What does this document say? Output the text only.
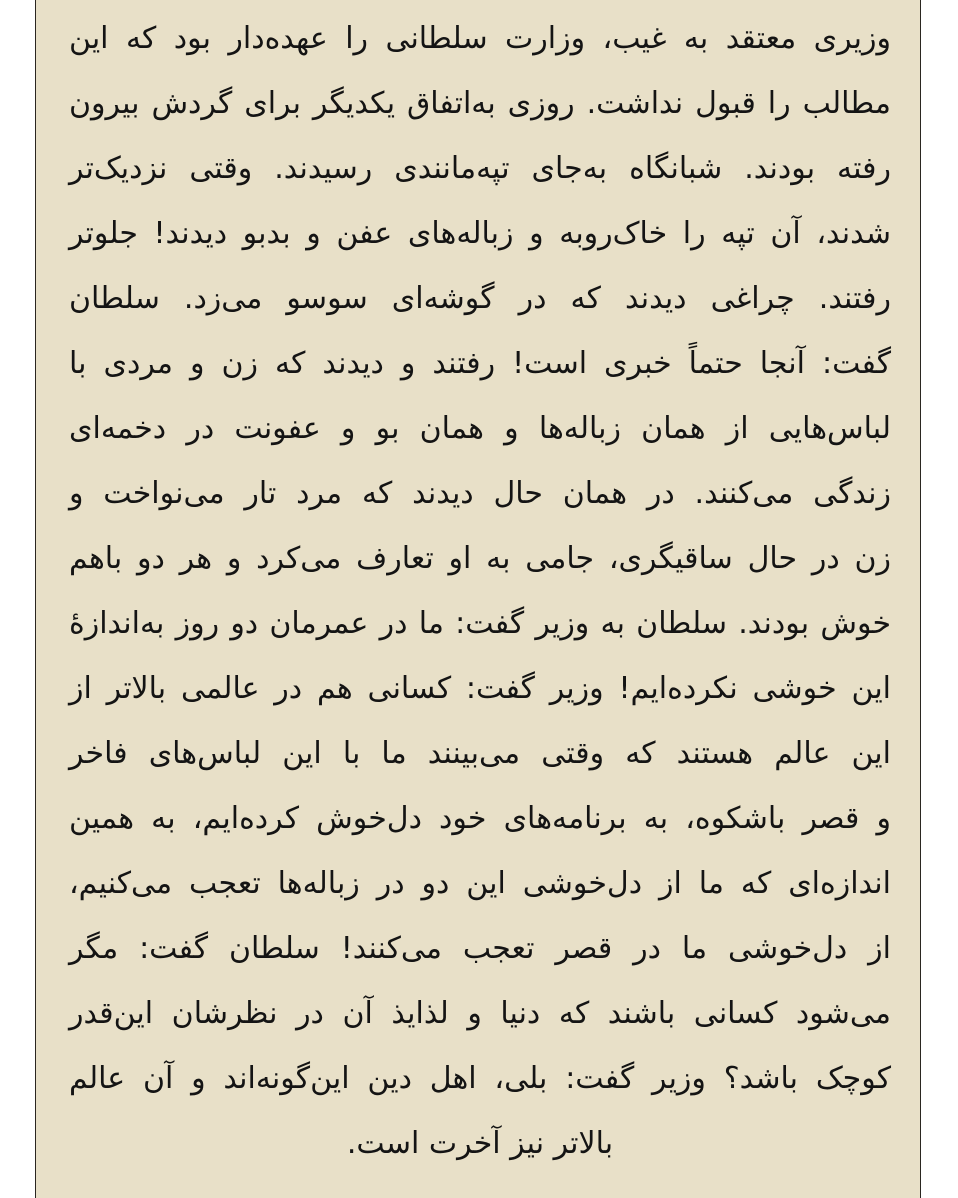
وزیری معتقد به غیب، وزارت سلطانی را عهده‌دار بود که این
مطالب را قبول نداشت. روزی به‌اتفاق یکدیگر برای گردش بیرون
رفته بودند. شبانگاه به‌جای تپه‌مانندی رسیدند. وقتی نزدیک‌تر
شدند، آن تپه را خاک‌روبه و زباله‌های عفن و بدبو دیدند! جلوتر
رفتند. چراغی دیدند که در گوشه‌ای سوسو می‌زد. سلطان
گفت: آنجا حتماً خبری است! رفتند و دیدند که زن و مردی با
لباس‌هایی از همان زباله‌ها و همان بو و عفونت در دخمه‌ای
زندگی می‌کنند. در همان حال دیدند که مرد تار می‌نواخت و
زن در حال ساقیگری، جامی به او تعارف می‌کرد و هر دو باهم
خوش بودند. سلطان به وزیر گفت: ما در عمرمان دو روز به‌اندازهٔ
این خوشی نکرده‌ایم! وزیر گفت: کسانی هم در عالمی بالاتر از
این عالم هستند که وقتی می‌بینند ما با این لباس‌های فاخر
و قصر باشکوه، به برنامه‌های خود دل‌خوش کرده‌ایم، به همین
اندازه‌ای که ما از دل‌خوشی این دو در زباله‌ها تعجب می‌کنیم،
از دل‌خوشی ما در قصر تعجب می‌کنند! سلطان گفت: مگر
می‌شود کسانی باشند که دنیا و لذایذ آن در نظرشان این‌قدر
کوچک باشد؟ وزیر گفت: بلی، اهل دین این‌گونه‌اند و آن عالم
بالاتر نیز آخرت است.
